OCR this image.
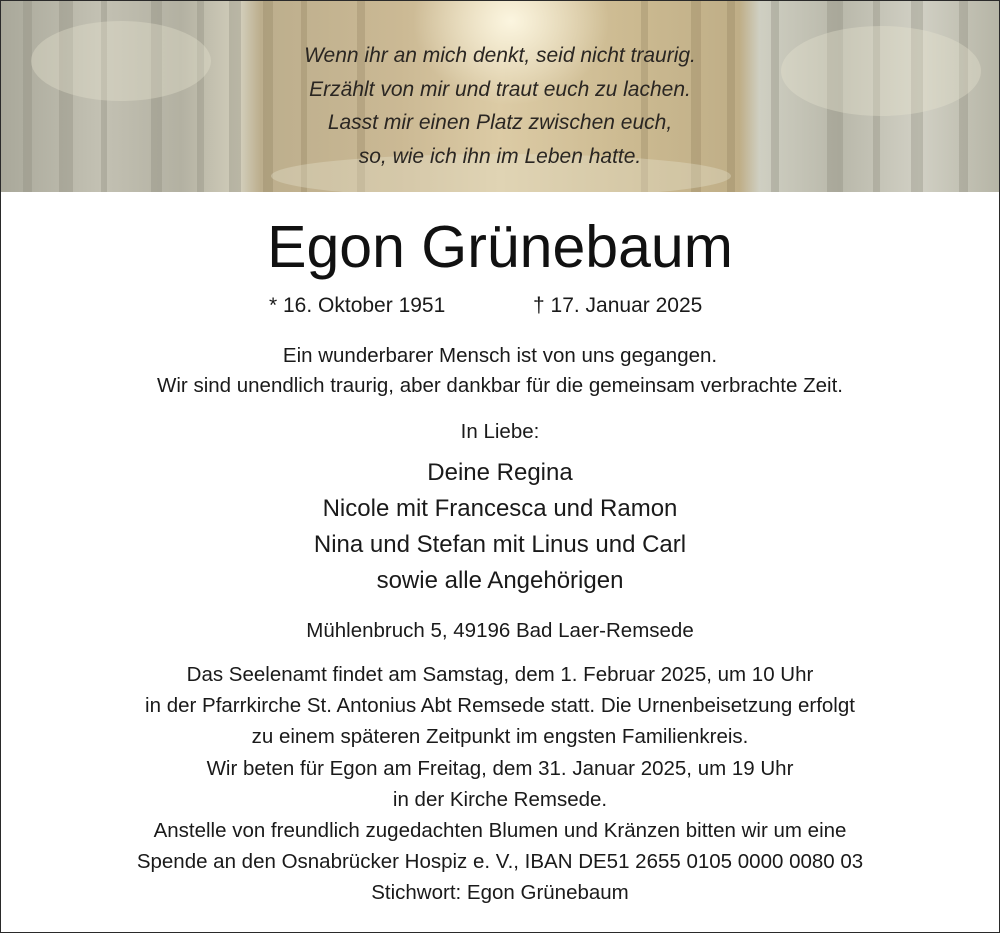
Wenn ihr an mich denkt, seid nicht traurig.
Erzählt von mir und traut euch zu lachen.
Lasst mir einen Platz zwischen euch,
so, wie ich ihn im Leben hatte.
Egon Grünebaum
* 16. Oktober 1951	† 17. Januar 2025
Ein wunderbarer Mensch ist von uns gegangen.
Wir sind unendlich traurig, aber dankbar für die gemeinsam verbrachte Zeit.
In Liebe:
Deine Regina
Nicole mit Francesca und Ramon
Nina und Stefan mit Linus und Carl
sowie alle Angehörigen
Mühlenbruch 5, 49196 Bad Laer-Remsede
Das Seelenamt findet am Samstag, dem 1. Februar 2025, um 10 Uhr
in der Pfarrkirche St. Antonius Abt Remsede statt. Die Urnenbeisetzung erfolgt
zu einem späteren Zeitpunkt im engsten Familienkreis.
Wir beten für Egon am Freitag, dem 31. Januar 2025, um 19 Uhr
in der Kirche Remsede.
Anstelle von freundlich zugedachten Blumen und Kränzen bitten wir um eine
Spende an den Osnabrücker Hospiz e. V., IBAN DE51 2655 0105 0000 0080 03
Stichwort: Egon Grünebaum
